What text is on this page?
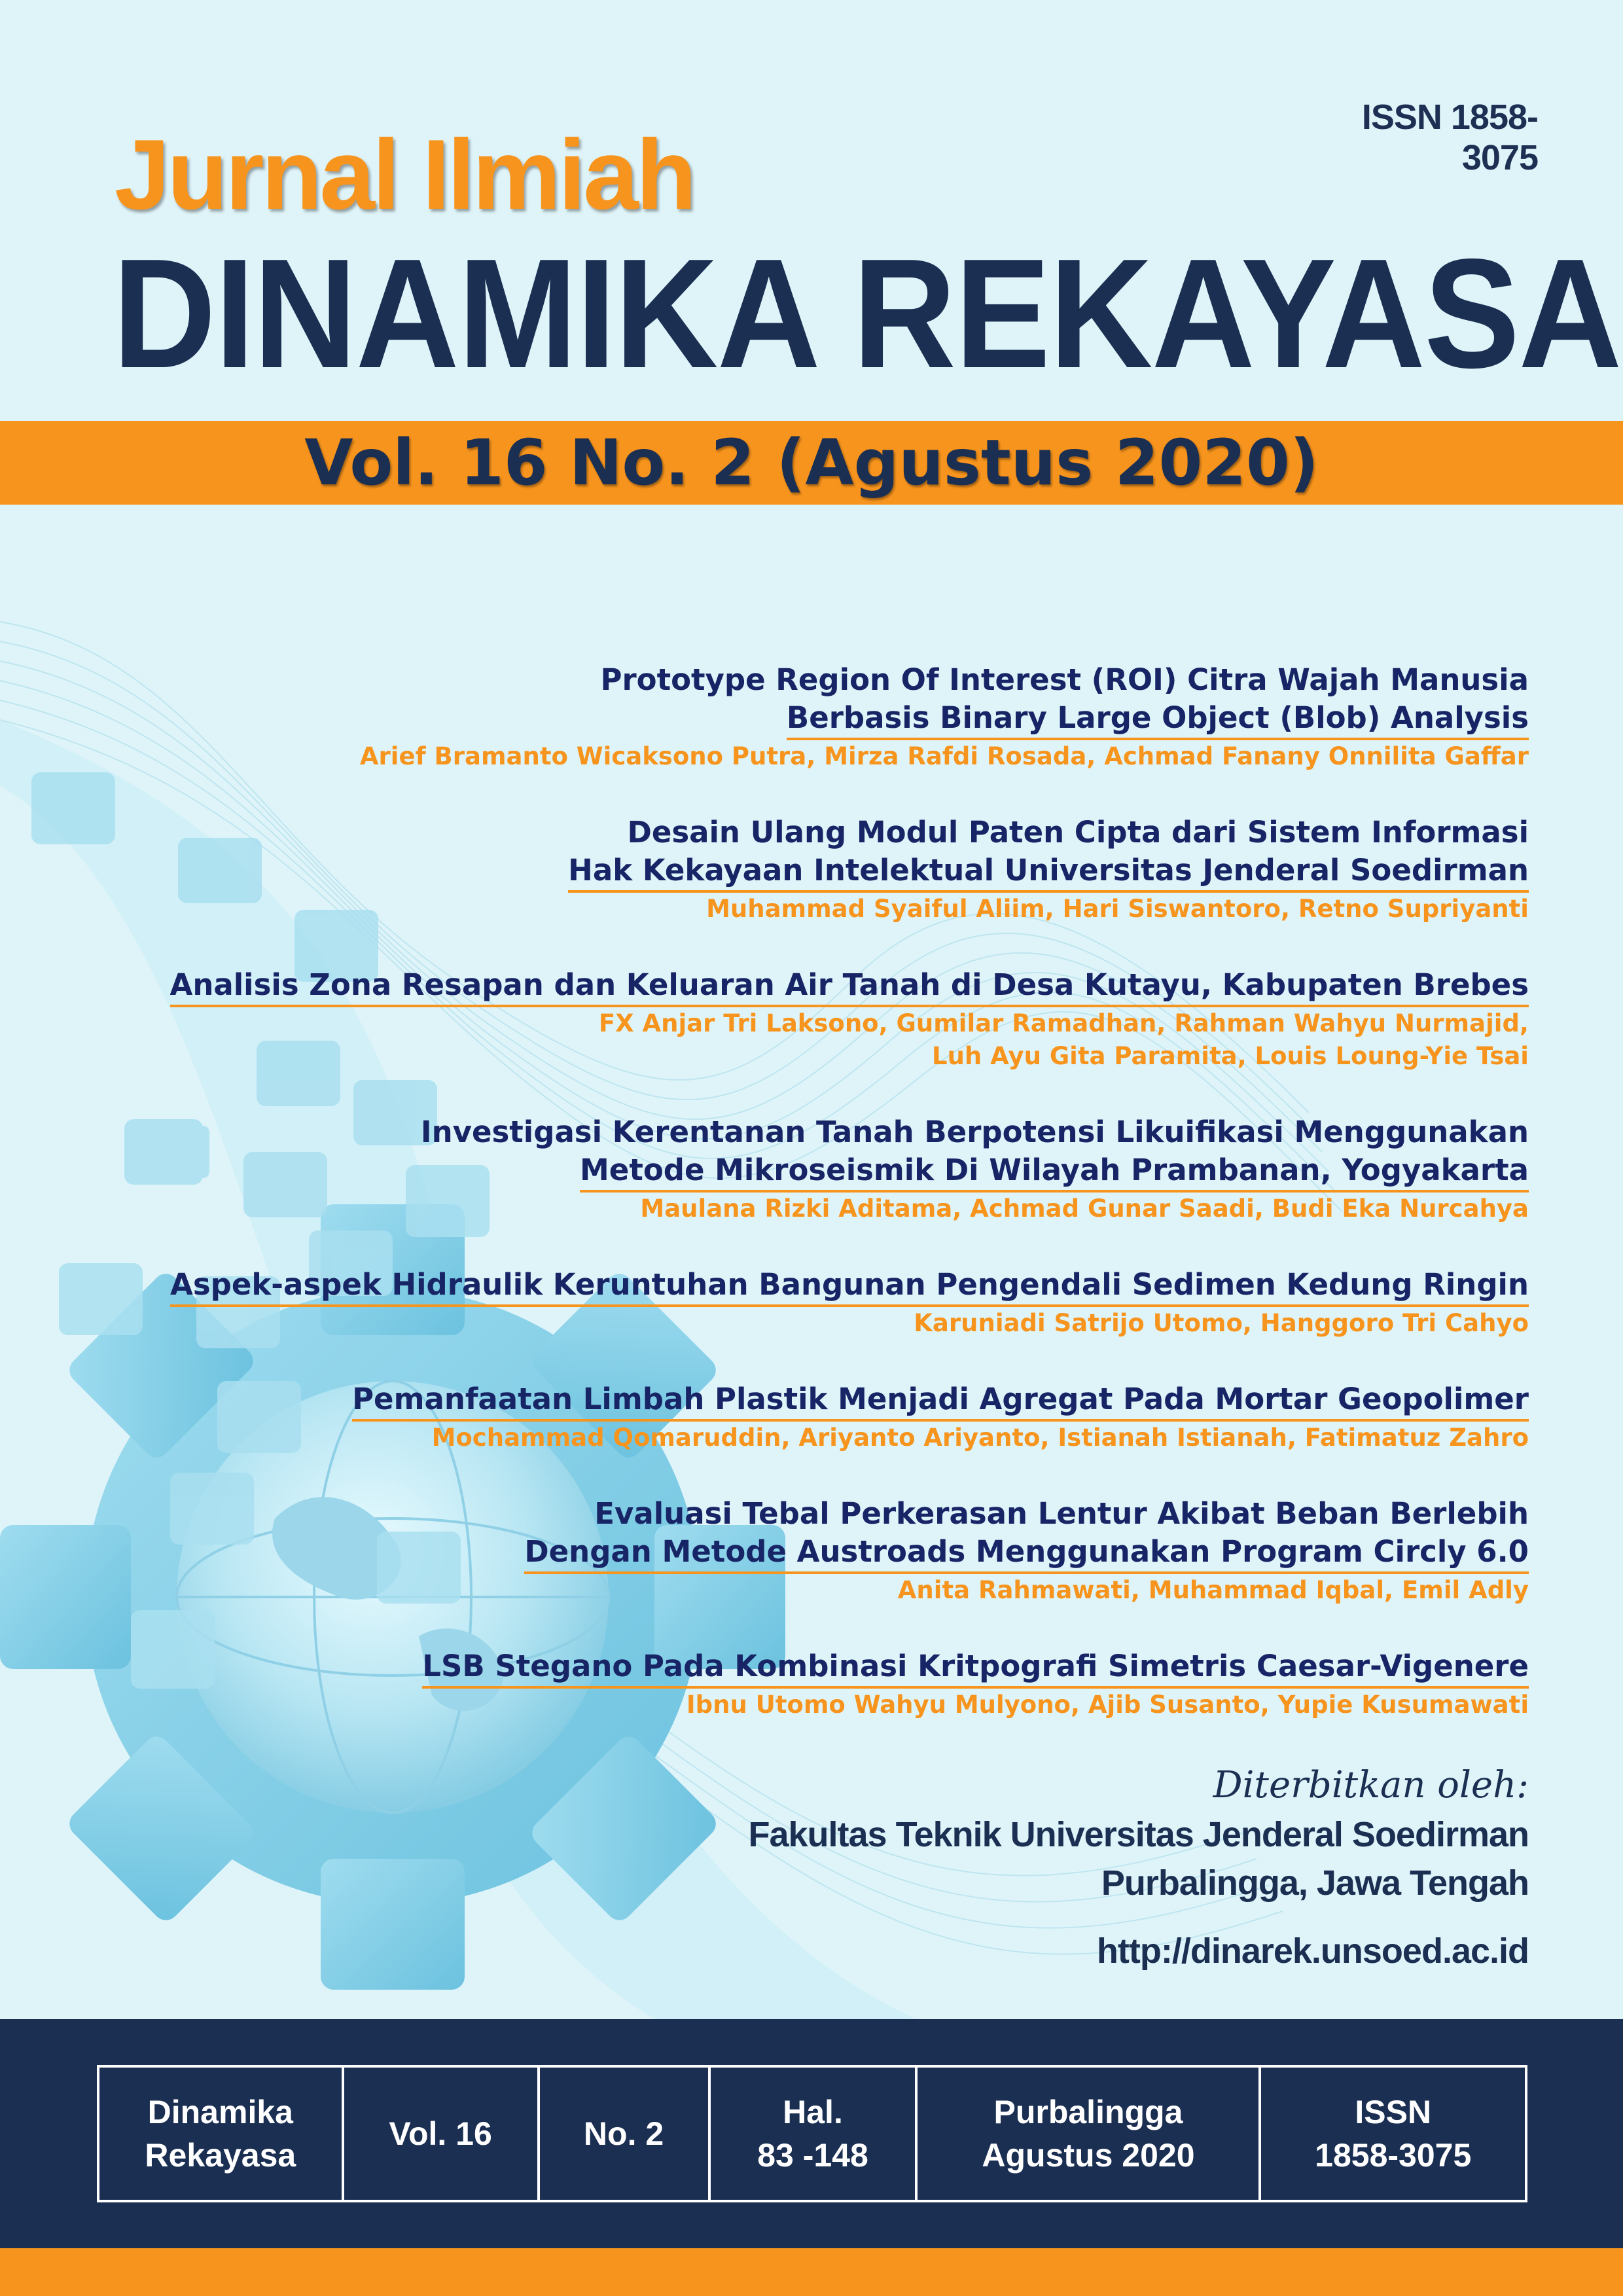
ISSN 1858-3075
Jurnal Ilmiah
DINAMIKA REKAYASA
Vol. 16 No. 2 (Agustus 2020)
Prototype Region Of Interest (ROI) Citra Wajah Manusia
Berbasis Binary Large Object (Blob) Analysis
Arief Bramanto Wicaksono Putra, Mirza Rafdi Rosada, Achmad Fanany Onnilita Gaffar
Desain Ulang Modul Paten Cipta dari Sistem Informasi
Hak Kekayaan Intelektual Universitas Jenderal Soedirman
Muhammad Syaiful Aliim, Hari Siswantoro, Retno Supriyanti
Analisis Zona Resapan dan Keluaran Air Tanah di Desa Kutayu, Kabupaten Brebes
FX Anjar Tri Laksono, Gumilar Ramadhan, Rahman Wahyu Nurmajid,
Luh Ayu Gita Paramita, Louis Loung-Yie Tsai
Investigasi Kerentanan Tanah Berpotensi Likuifikasi Menggunakan
Metode Mikroseismik Di Wilayah Prambanan, Yogyakarta
Maulana Rizki Aditama, Achmad Gunar Saadi, Budi Eka Nurcahya
Aspek-aspek Hidraulik Keruntuhan Bangunan Pengendali Sedimen Kedung Ringin
Karuniadi Satrijo Utomo, Hanggoro Tri Cahyo
Pemanfaatan Limbah Plastik Menjadi Agregat Pada Mortar Geopolimer
Mochammad Qomaruddin, Ariyanto Ariyanto, Istianah Istianah, Fatimatuz Zahro
Evaluasi Tebal Perkerasan Lentur Akibat Beban Berlebih
Dengan Metode Austroads Menggunakan Program Circly 6.0
Anita Rahmawati, Muhammad Iqbal, Emil Adly
LSB Stegano Pada Kombinasi Kritpografi Simetris Caesar-Vigenere
Ibnu Utomo Wahyu Mulyono, Ajib Susanto, Yupie Kusumawati
Diterbitkan oleh:
Fakultas Teknik Universitas Jenderal Soedirman
Purbalingga, Jawa Tengah
http://dinarek.unsoed.ac.id
Dinamika
Rekayasa
Vol. 16	No. 2
Hal.
83 -148
Purbalingga
Agustus 2020
ISSN
1858-3075
